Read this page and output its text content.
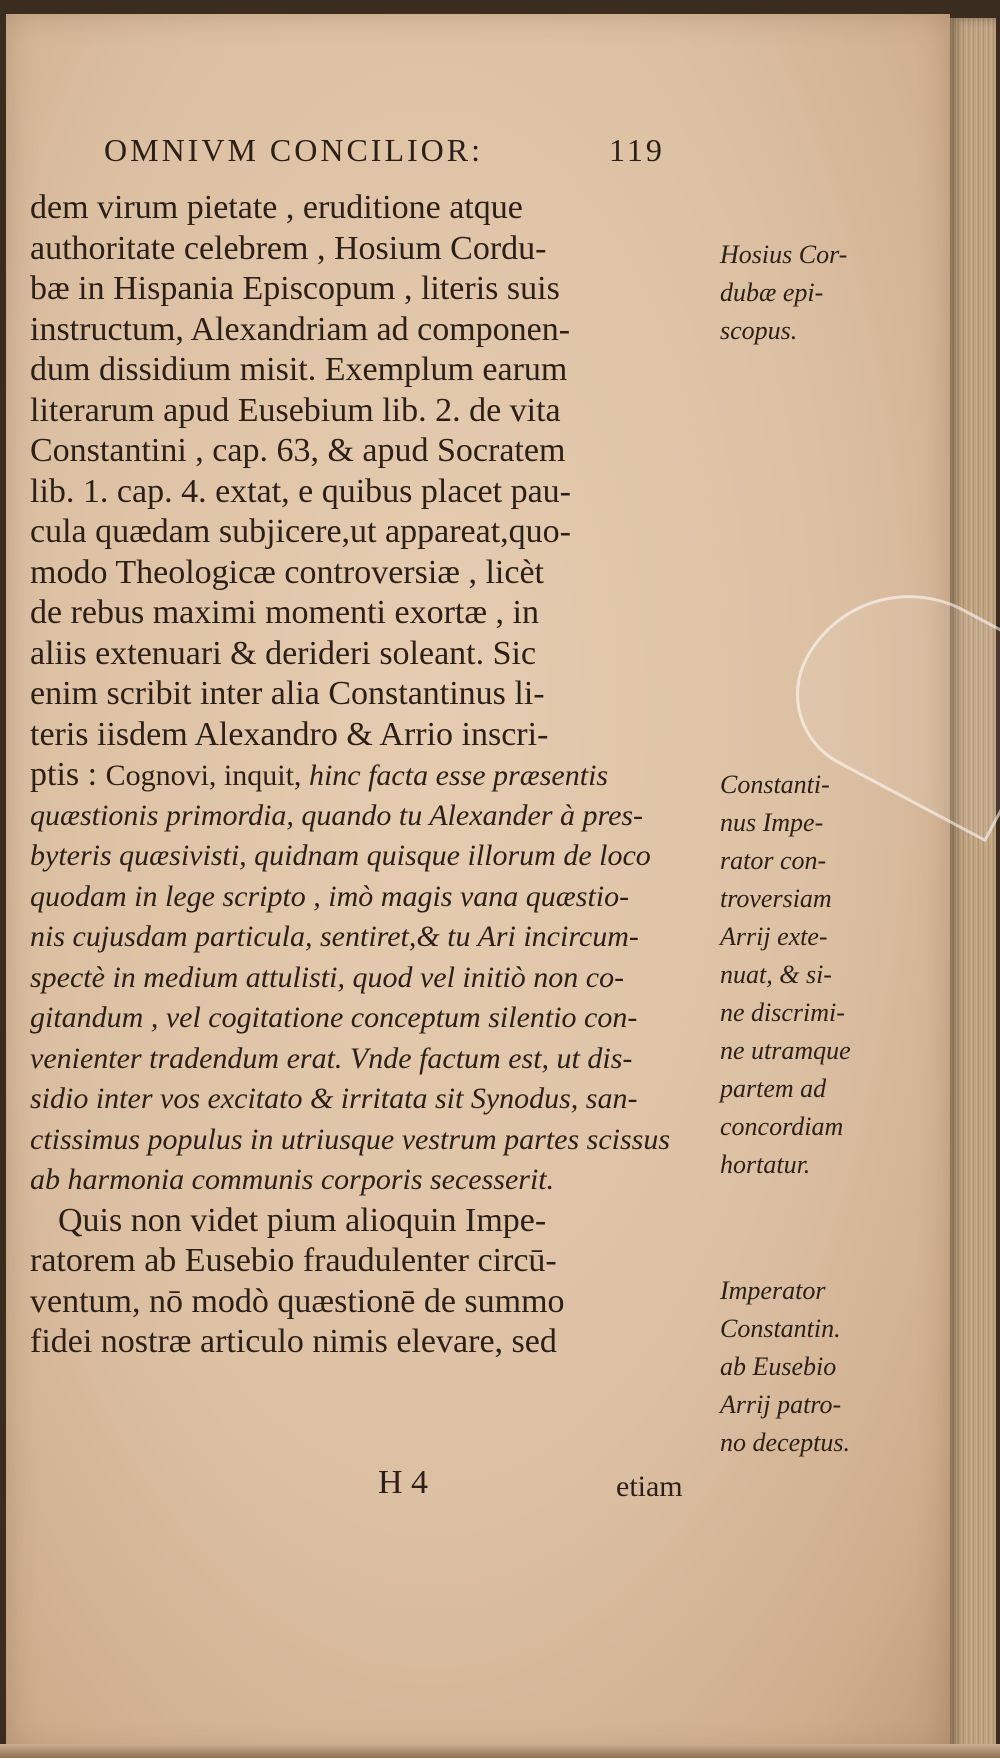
OMNIVM CONCILIOR:	119
dem virum pietate , eruditione atque
authoritate celebrem , Hosium Cordu-
bæ in Hispania Episcopum , literis suis
instructum, Alexandriam ad componen-
dum dissidium misit. Exemplum earum
literarum apud Eusebium lib. 2. de vita
Constantini , cap. 63, & apud Socratem
lib. 1. cap. 4. extat, e quibus placet pau-
cula quædam subjicere,ut appareat,quo-
modo Theologicæ controversiæ , licèt
de rebus maximi momenti exortæ , in
aliis extenuari & derideri soleant. Sic
enim scribit inter alia Constantinus li-
teris iisdem Alexandro & Arrio inscri-
ptis : Cognovi, inquit, hinc facta esse præsentis
quæstionis primordia, quando tu Alexander à pres-
byteris quæsivisti, quidnam quisque illorum de loco
quodam in lege scripto , imò magis vana quæstio-
nis cujusdam particula, sentiret,& tu Ari incircum-
spectè in medium attulisti, quod vel initiò non co-
gitandum , vel cogitatione conceptum silentio con-
venienter tradendum erat. Vnde factum est, ut dis-
sidio inter vos excitato & irritata sit Synodus, san-
ctissimus populus in utriusque vestrum partes scissus
ab harmonia communis corporis secesserit.
Quis non videt pium alioquin Impe-
ratorem ab Eusebio fraudulenter circū-
ventum, nō modò quæstionē de summo
fidei nostræ articulo nimis elevare, sed
H 4	etiam
Hosius Cor-
dubæ epi-
scopus.
Constanti-
nus Impe-
rator con-
troversiam
Arrij exte-
nuat, & si-
ne discrimi-
ne utramque
partem ad
concordiam
hortatur.
Imperator
Constantin.
ab Eusebio
Arrij patro-
no deceptus.
